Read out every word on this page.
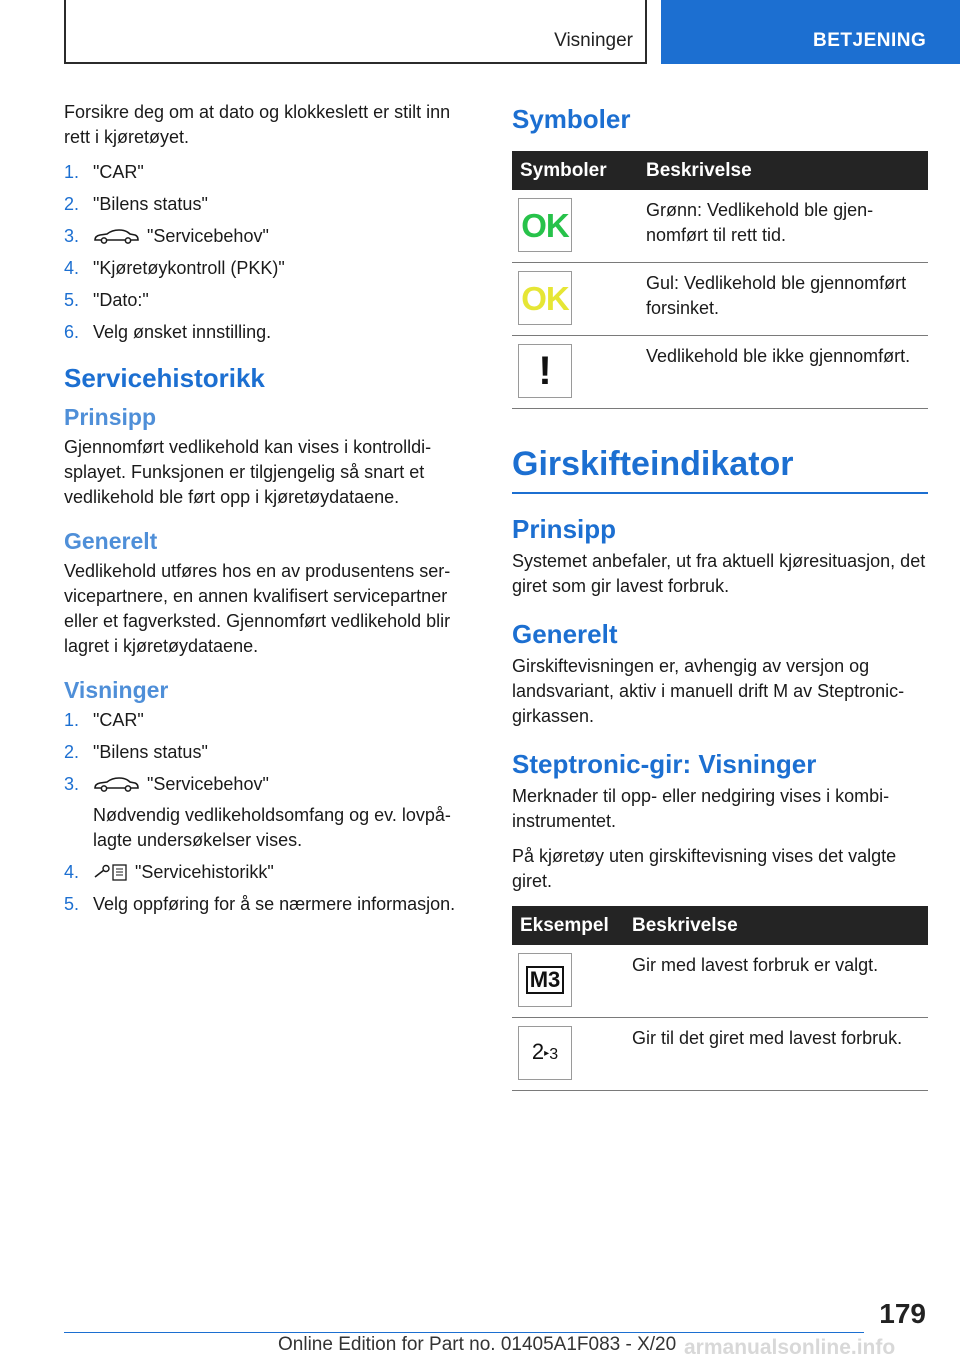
Visninger	BETJENING

Forsikre deg om at dato og klokkeslett er stilt inn rett i kjøretøyet.

1. "CAR"
2. "Bilens status"
3.	"Servicebehov"
4. "Kjøretøykontroll (PKK)"
5. "Dato:"
6. Velg ønsket innstilling.
Servicehistorikk
Prinsipp

Gjennomført vedlikehold kan vises i kontrolldisplayet. Funksjonen er tilgjengelig så snart et vedlikehold ble ført opp i kjøretøydataene.

Generelt

Vedlikehold utføres hos en av produsentens servicepartnere, en annen kvalifisert servicepartner eller et fagverksted. Gjennomført vedlikehold blir lagret i kjøretøydataene.

Visninger
1. "CAR"
2. "Bilens status"
3.	"Servicebehov"
Nødvendig vedlikeholdsomfang og ev. lovpålagte undersøkelser vises.
4.	"Servicehistorikk"
5. Velg oppføring for å se nærmere informasjon.
Symboler
Symboler	Beskrivelse

OK	Grønn: Vedlikehold ble gjennomført til rett tid.

OK	Gul: Vedlikehold ble gjennomført forsinket.

!	Vedlikehold ble ikke gjennomført.
Girskifteindikator
Prinsipp

Systemet anbefaler, ut fra aktuell kjøresituasjon, det giret som gir lavest forbruk.

Generelt

Girskiftevisningen er, avhengig av versjon og landsvariant, aktiv i manuell drift M av Steptronic-girkassen.

Steptronic-gir: Visninger

Merknader til opp- eller nedgiring vises i kombiinstrumentet.

På kjøretøy uten girskiftevisning vises det valgte giret.

Eksempel	Beskrivelse

M3	Gir med lavest forbruk er valgt.

2▸3	Gir til det giret med lavest forbruk.
179
Online Edition for Part no. 01405A1F083 - X/20 armanualsonline.info
